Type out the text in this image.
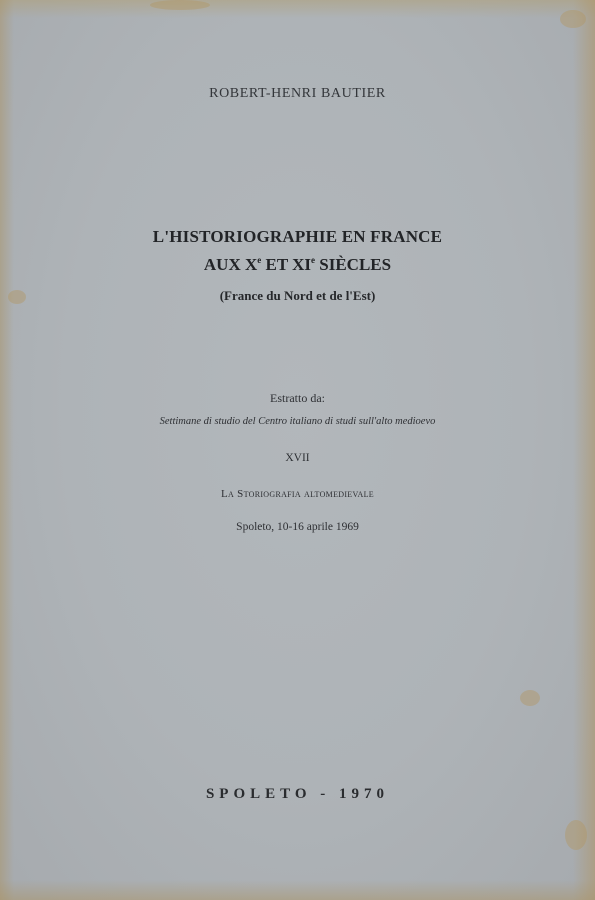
ROBERT-HENRI BAUTIER
L'HISTORIOGRAPHIE EN FRANCE
AUX Xe ET XIe SIÈCLES
(France du Nord et de l'Est)
Estratto da:
Settimane di studio del Centro italiano di studi sull'alto medioevo
XVII
La Storiografia altomedievale
Spoleto, 10-16 aprile 1969
SPOLETO - 1970
